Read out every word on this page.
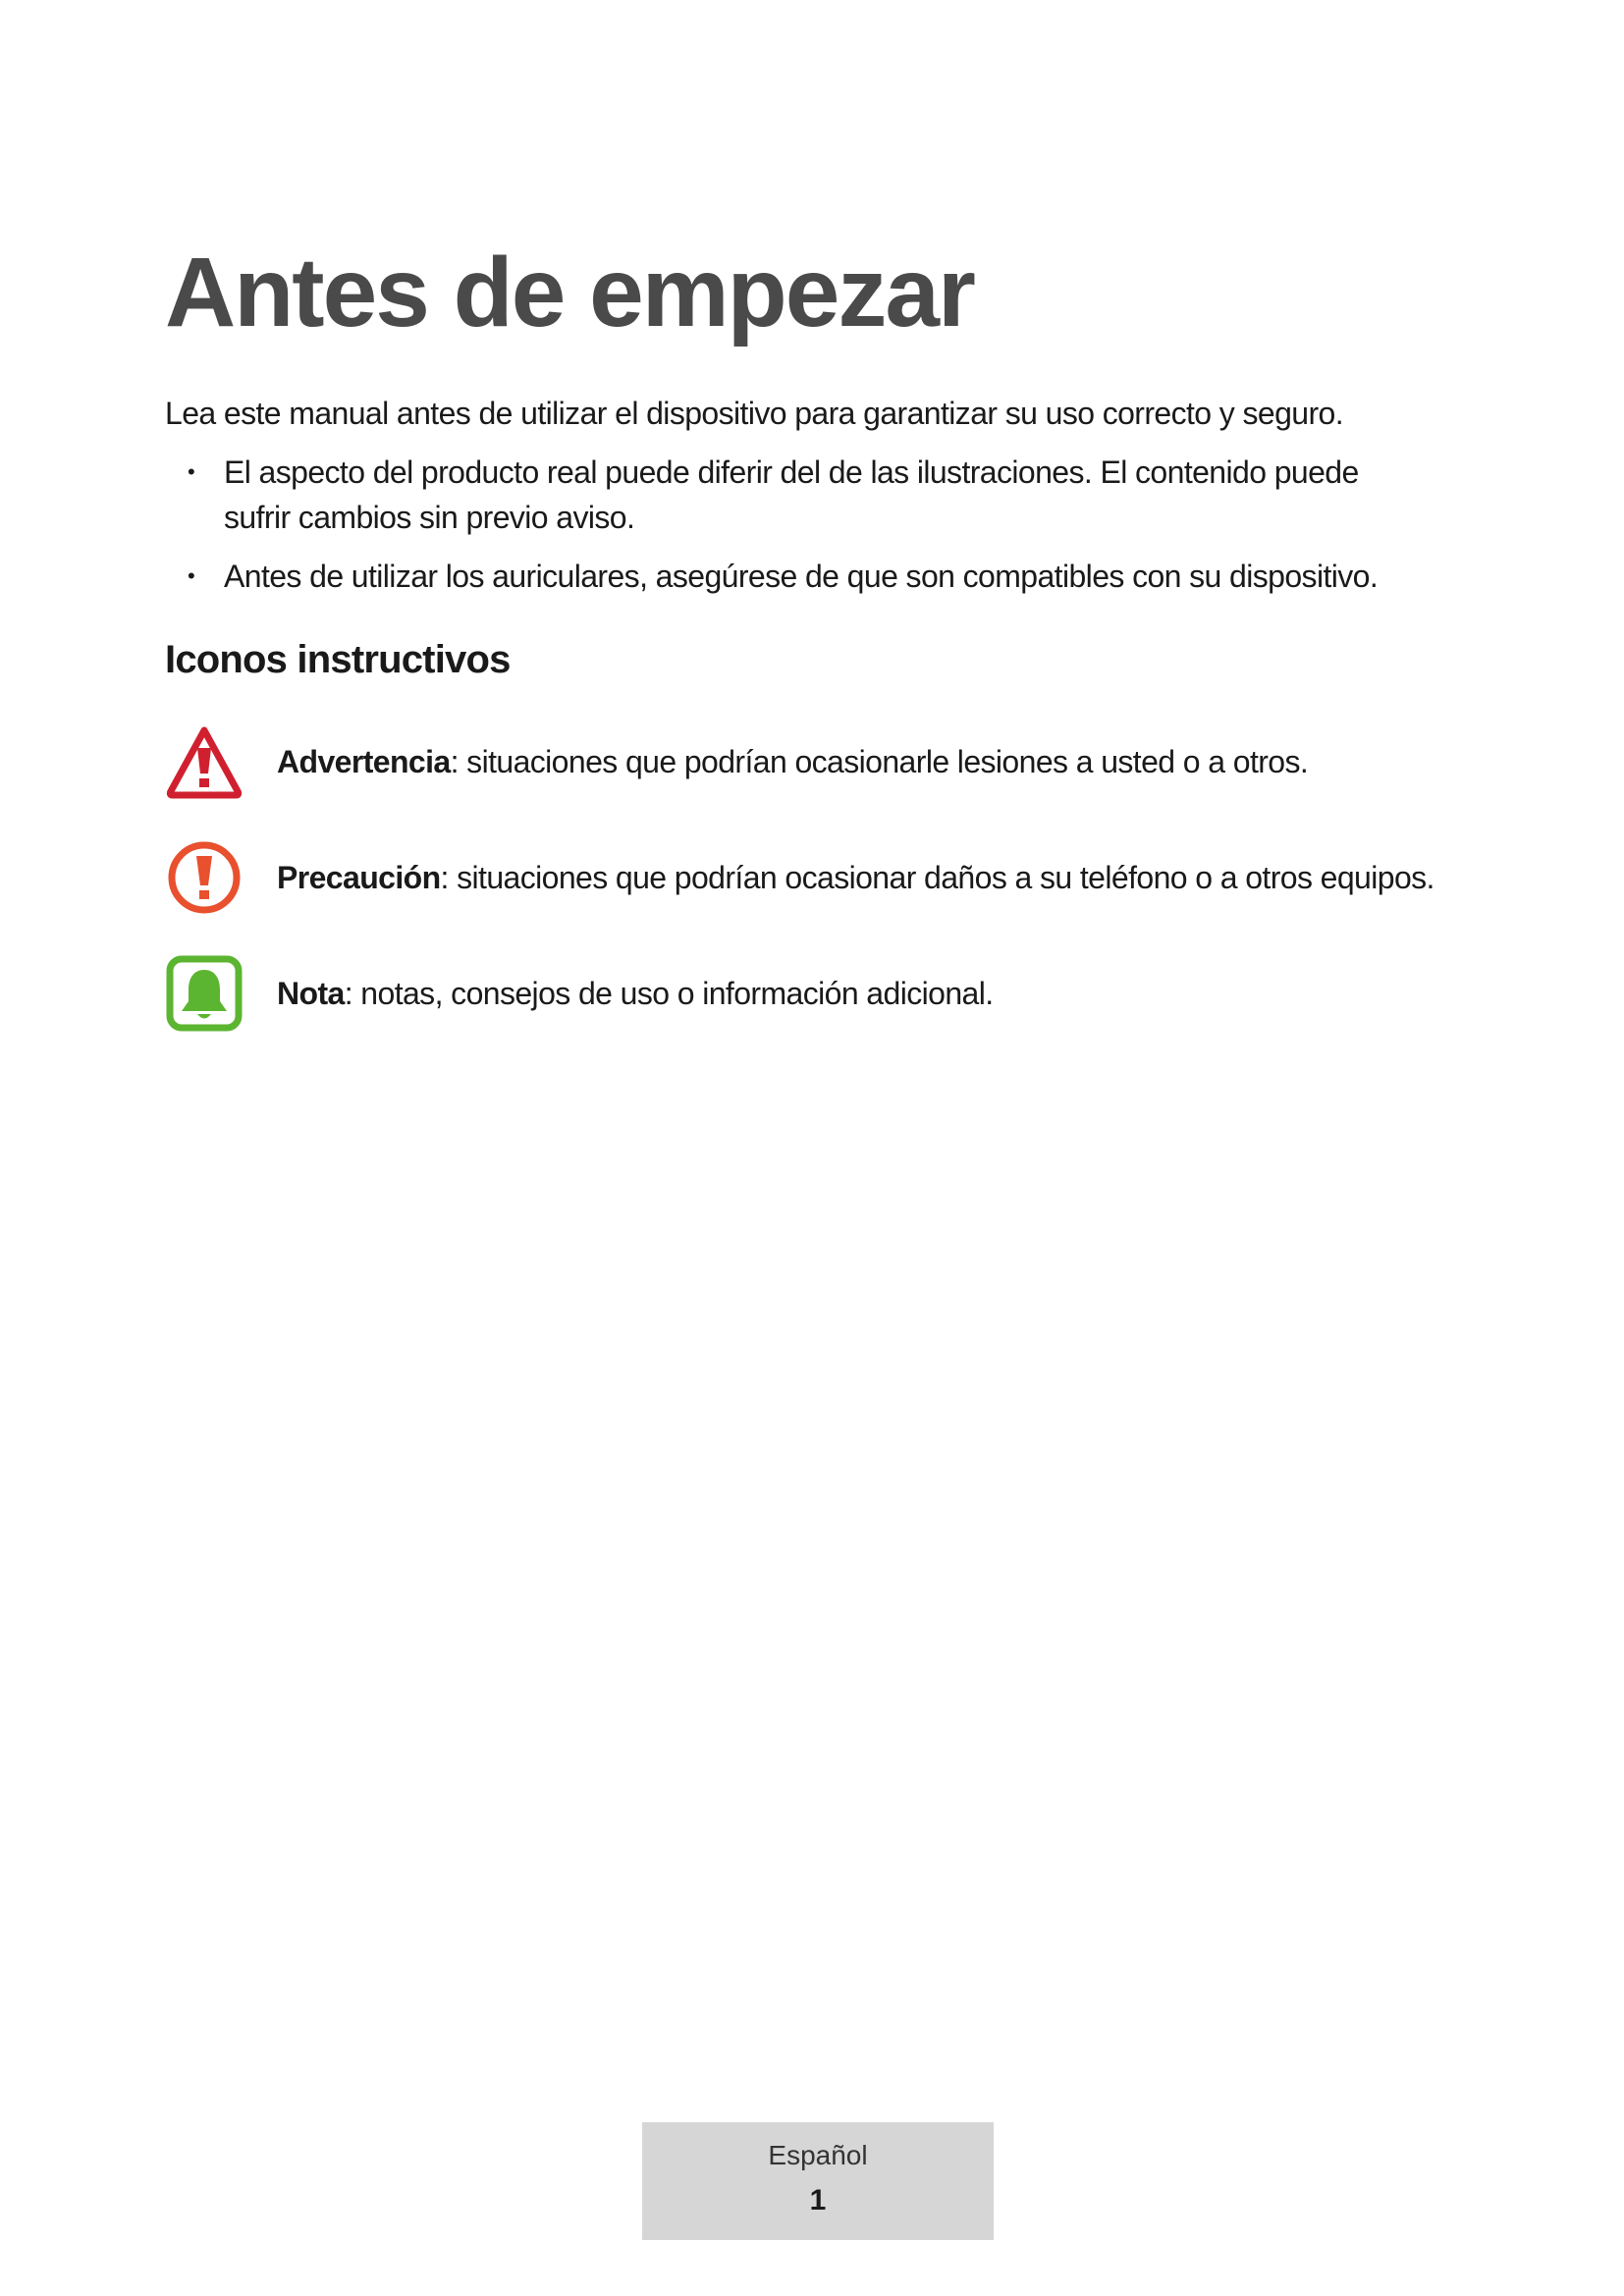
Antes de empezar
Lea este manual antes de utilizar el dispositivo para garantizar su uso correcto y seguro.
• El aspecto del producto real puede diferir del de las ilustraciones. El contenido puede
sufrir cambios sin previo aviso.
• Antes de utilizar los auriculares, asegúrese de que son compatibles con su dispositivo.
Iconos instructivos
Advertencia: situaciones que podrían ocasionarle lesiones a usted o a otros.
Precaución: situaciones que podrían ocasionar daños a su teléfono o a otros equipos.
Nota: notas, consejos de uso o información adicional.
Español
1
